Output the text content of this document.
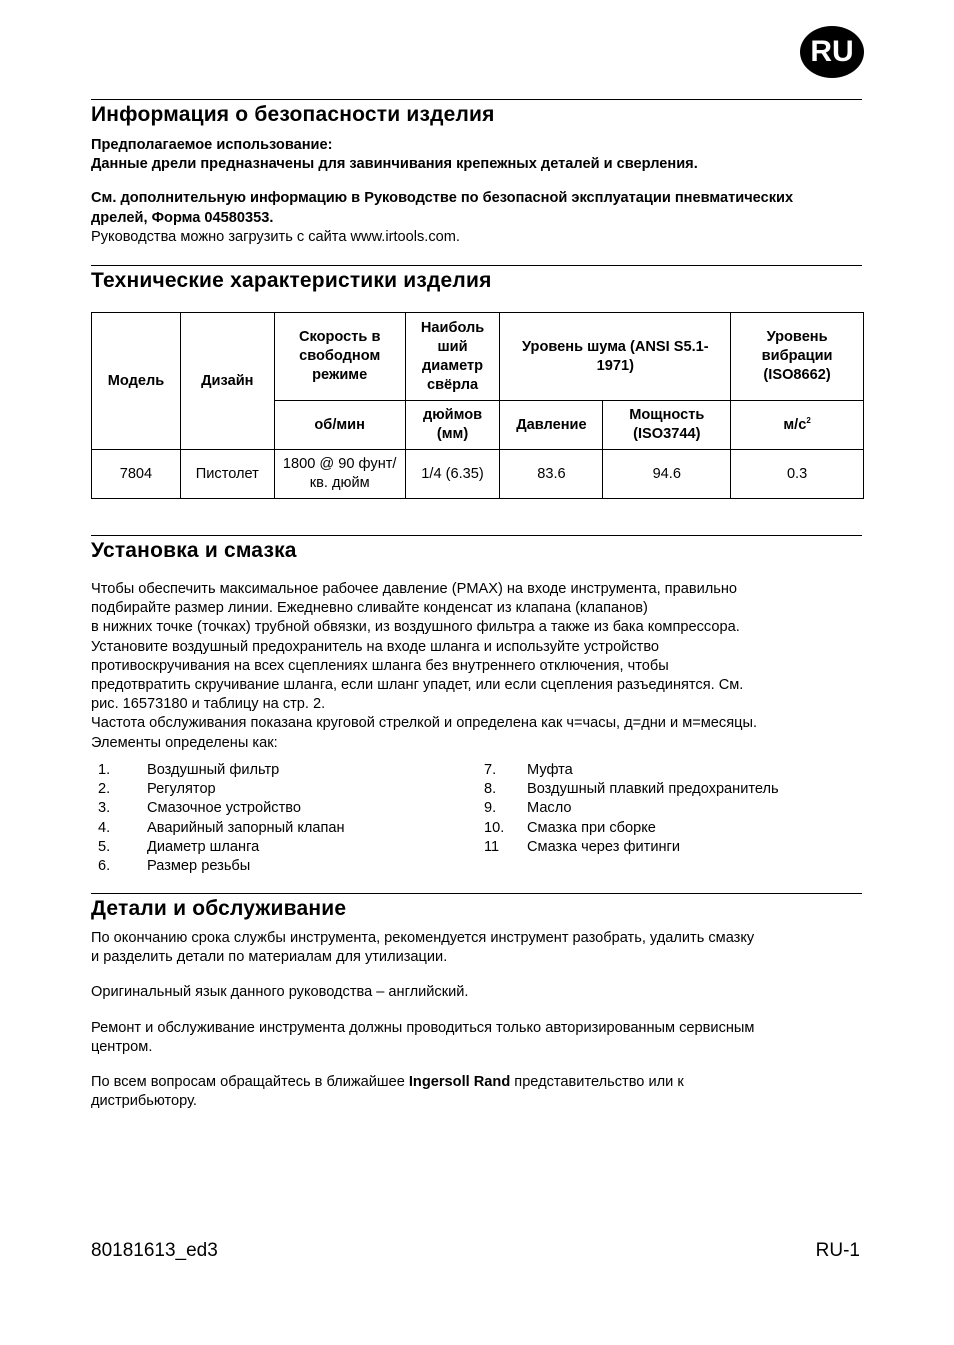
RU
Информация о безопасности изделия

Предполагаемое использование:

Данные дрели предназначены для завинчивания крепежных деталей и сверления.

См. дополнительную информацию в Руководстве по безопасной эксплуатации пневматических

дрелей, Форма 04580353.

Руководства можно загрузить с сайта www.irtools.com.

Технические характеристики изделия
Модель	Дизайн	Скорость в свободном режиме	Наиболь ший диаметр свёрла	Уровень шума (ANSI S5.1-1971)		Уровень вибрации (ISO8662)
		об/мин	дюймов (мм)	Давление	Мощность (ISO3744)	$м/с^2$
7804	Пистолет	1800 @ 90 фунт/кв. дюйм	1/4 (6.35)	83.6	94.6	0.3
Установка и смазка

Чтобы обеспечить максимальное рабочее давление (PMAX) на входе инструмента, правильно

подбирайте размер линии. Ежедневно сливайте конденсат из клапана (клапанов)

в нижних точке (точках) трубной обвязки, из воздушного фильтра а также из бака компрессора.

Установите воздушный предохранитель на входе шланга и используйте устройство

противоскручивания на всех сцеплениях шланга без внутреннего отключения, чтобы

предотвратить скручивание шланга, если шланг упадет, или если сцепления разъединятся. См.

рис. 16573180 и таблицу на стр. 2.

Частота обслуживания показана круговой стрелкой и определена как ч=часы, д=дни и м=месяцы.

Элементы определены как:

1.	Воздушный фильтр
2.	Регулятор
3.	Смазочное устройство
4.	Аварийный запорный клапан
5.	Диаметр шланга
6.	Размер резьбы
7.	Муфта
8.	Воздушный плавкий предохранитель
9.	Масло
10.	Смазка при сборке
11	Смазка через фитинги
Детали и обслуживание

По окончанию срока службы инструмента, рекомендуется инструмент разобрать, удалить смазку

и разделить детали по материалам для утилизации.

Оригинальный язык данного руководства – английский.

Ремонт и обслуживание инструмента должны проводиться только авторизированным сервисным

центром.

По всем вопросам обращайтесь в ближайшее Ingersoll Rand представительство или к

дистрибьютору.

80181613_ed3	RU-1
